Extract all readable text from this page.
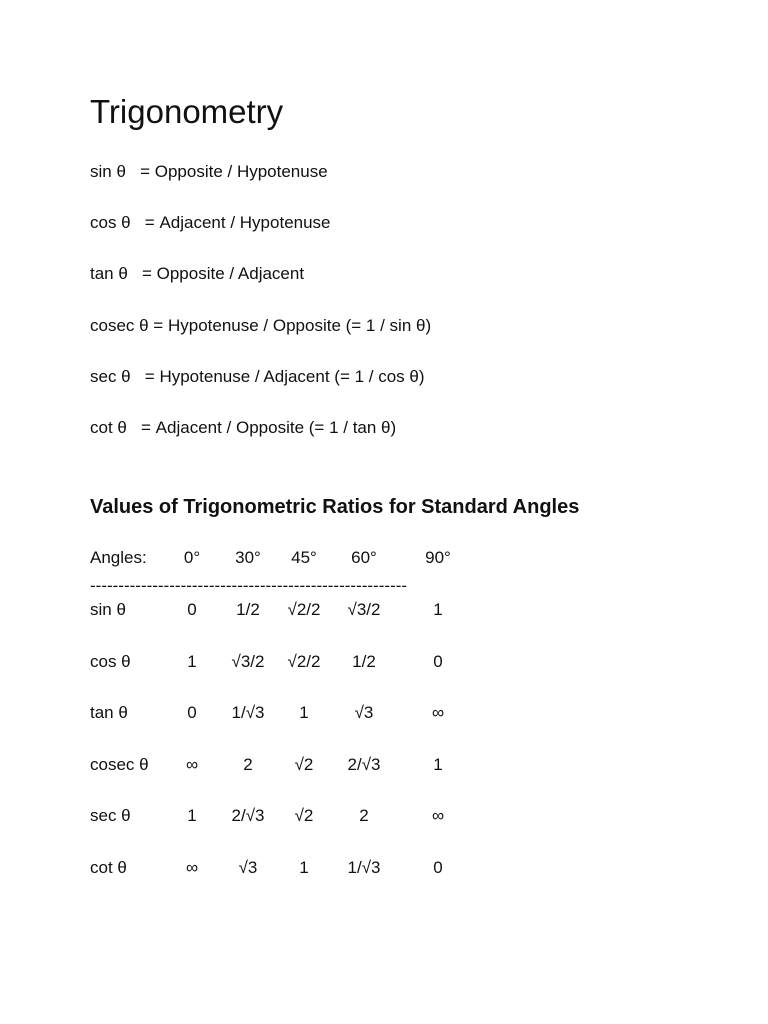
Trigonometry
sin θ   = Opposite / Hypotenuse
cos θ   = Adjacent / Hypotenuse
tan θ   = Opposite / Adjacent
cosec θ = Hypotenuse / Opposite (= 1 / sin θ)
sec θ   = Hypotenuse / Adjacent (= 1 / cos θ)
cot θ   = Adjacent / Opposite (= 1 / tan θ)
Values of Trigonometric Ratios for Standard Angles
Angles: 0° 30° 45° 60°	90°
--------------------------------------------------------
sin θ	0 1/2 √2/2 √3/2	1
cos θ	1 √3/2 √2/2 1/2	0
tan θ	0 1/√3 1	√3	∞
cosec θ ∞	2 √2 2/√3	1
sec θ	1 2/√3 √2	2	∞
cot θ	∞ √3 1 1/√3	0
